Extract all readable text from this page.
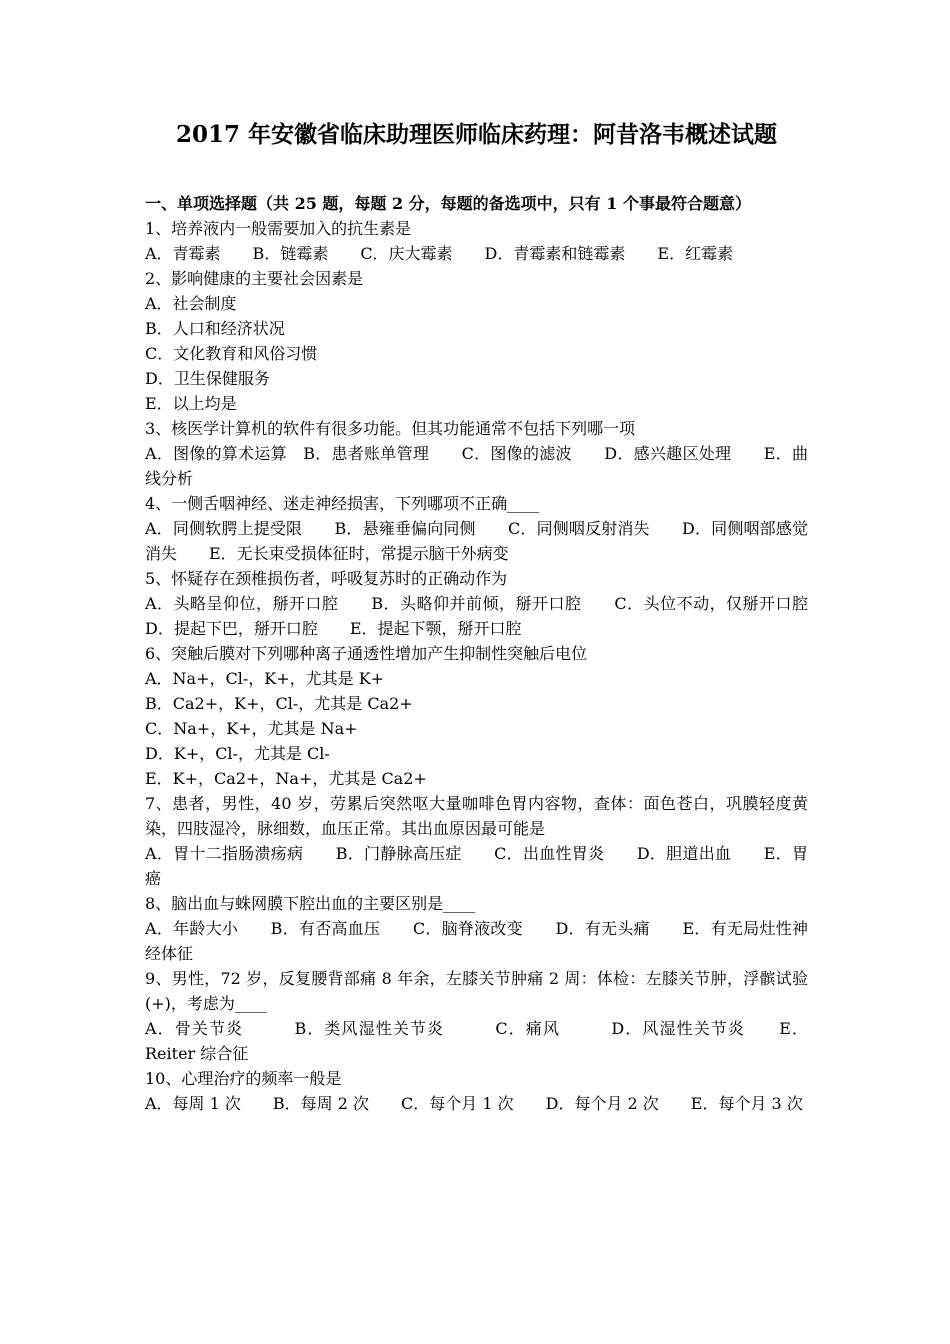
2017 年安徽省临床助理医师临床药理：阿昔洛韦概述试题

一、单项选择题（共 25 题，每题 2 分，每题的备选项中，只有 1 个事最符合题意）

1、培养液内一般需要加入的抗生素是

A．青霉素　　B．链霉素　　C．庆大霉素　　D．青霉素和链霉素　　E．红霉素

2、影响健康的主要社会因素是

A．社会制度

B．人口和经济状况

C．文化教育和风俗习惯

D．卫生保健服务

E．以上均是

3、核医学计算机的软件有很多功能。但其功能通常不包括下列哪一项

A．图像的算术运算　B．患者账单管理　　C．图像的滤波　　D．感兴趣区处理　　E．曲线分析

4、一侧舌咽神经、迷走神经损害，下列哪项不正确____

A．同侧软腭上提受限　　B．悬雍垂偏向同侧　　C．同侧咽反射消失　　D．同侧咽部感觉消失　　E．无长束受损体征时，常提示脑干外病变

5、怀疑存在颈椎损伤者，呼吸复苏时的正确动作为

A．头略呈仰位，掰开口腔　　B．头略仰并前倾，掰开口腔　　C．头位不动，仅掰开口腔　　D．提起下巴，掰开口腔　　E．提起下颚，掰开口腔

6、突触后膜对下列哪种离子通透性增加产生抑制性突触后电位

A．Na+，Cl-，K+，尤其是 K+

B．Ca2+，K+，Cl-，尤其是 Ca2+

C．Na+，K+，尤其是 Na+

D．K+，Cl-，尤其是 Cl-

E．K+，Ca2+，Na+，尤其是 Ca2+

7、患者，男性，40 岁，劳累后突然呕大量咖啡色胃内容物，查体：面色苍白，巩膜轻度黄染，四肢湿冷，脉细数，血压正常。其出血原因最可能是

A．胃十二指肠溃疡病　　B．门静脉高压症　　C．出血性胃炎　　D．胆道出血　　E．胃癌

8、脑出血与蛛网膜下腔出血的主要区别是____

A．年龄大小　　B．有否高血压　　C．脑脊液改变　　D．有无头痛　　E．有无局灶性神经体征

9、男性，72 岁，反复腰背部痛 8 年余，左膝关节肿痛 2 周：体检：左膝关节肿，浮髌试验(+)，考虑为____

A．骨关节炎　　　B．类风湿性关节炎　　　C．痛风　　　D．风湿性关节炎　　E．Reiter 综合征

10、心理治疗的频率一般是

A．每周 1 次　　B．每周 2 次　　C．每个月 1 次　　D．每个月 2 次　　E．每个月 3 次
